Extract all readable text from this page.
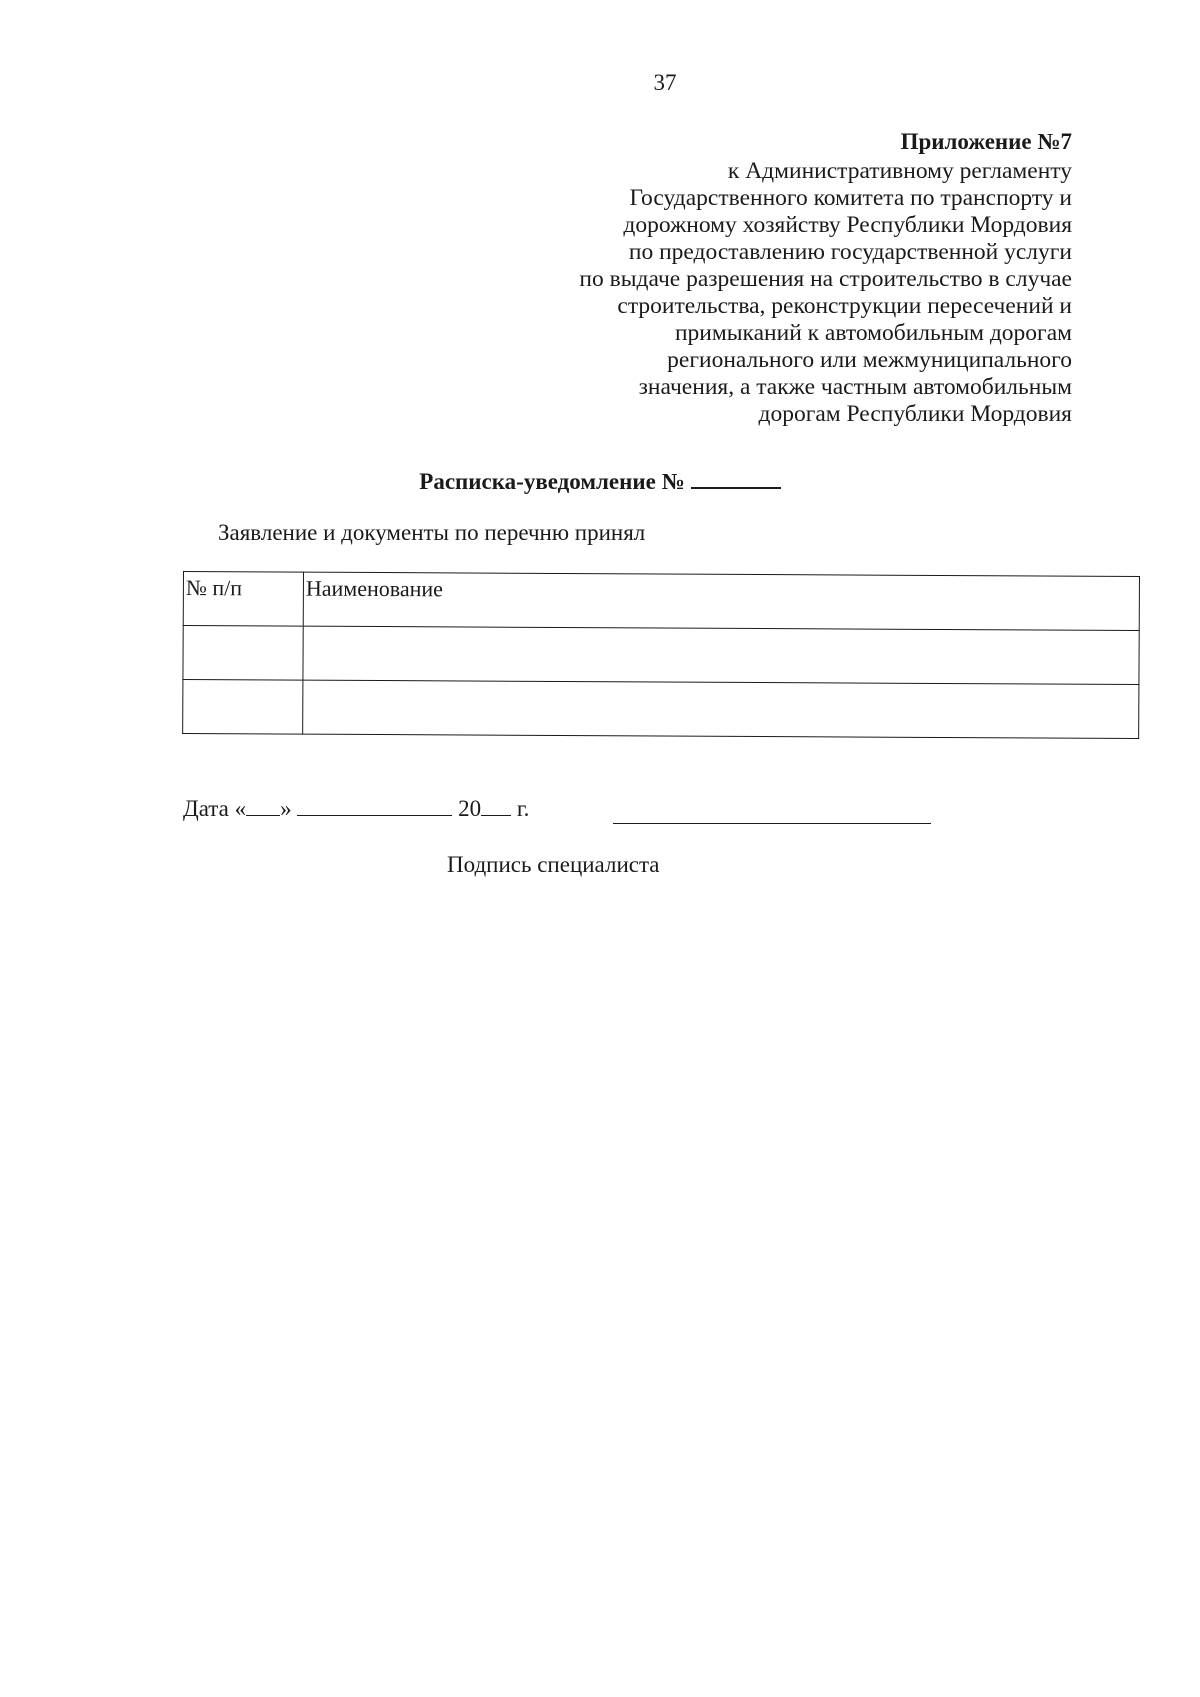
37
Приложение №7
к Административному регламенту
Государственного комитета по транспорту и
дорожному хозяйству Республики Мордовия
по предоставлению государственной услуги
по выдаче разрешения на строительство в случае
строительства, реконструкции пересечений и
примыканий к автомобильным дорогам
регионального или межмуниципального
значения, а также частным автомобильным
дорогам Республики Мордовия
Расписка-уведомление №
Заявление и документы по перечню принял
№ п/п	Наименование

Дата « »	20 г.
Подпись специалиста
